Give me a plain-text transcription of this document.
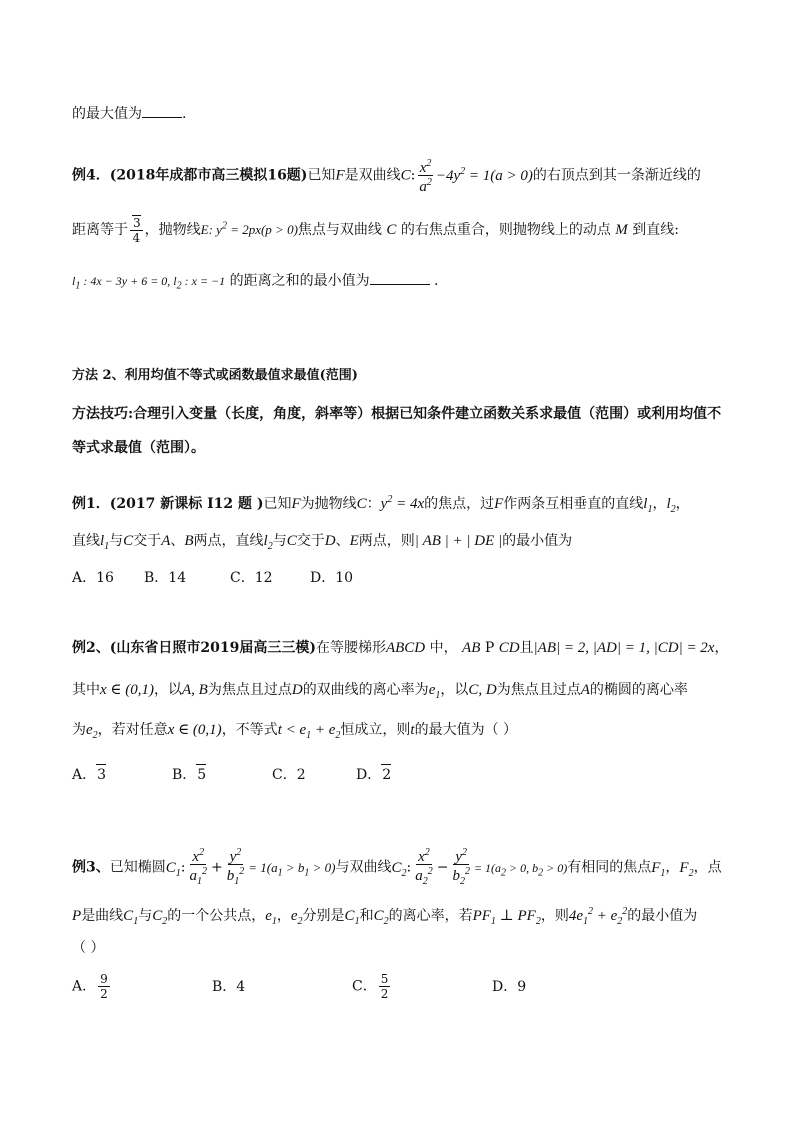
的最大值为	.
例4．(2018年成都市高三模拟16题)已知F是双曲线C: $\frac{x^2}{a^2} -4y^2 = 1(a > 0)$的右顶点到其一条渐近线的
距离等于 $\frac{3}{4}$ ，抛物线E: $y^2 = 2px(p > 0)$焦点与双曲线 C 的右焦点重合，则抛物线上的动点 M 到直线:
$l_1$ : 4x − 3y + 6 = 0, $l_2$ : x = −1 的距离之和的最小值为	.
方法 2、利用均值不等式或函数最值求最值(范围)
方法技巧:合理引入变量（长度，角度，斜率等）根据已知条件建立函数关系求最值（范围）或利用均值不
等式求最值（范围）。
例1．(2017 新课标 Ⅰ12 题 )已知F为抛物线C：$y^2 = 4x$的焦点，过F作两条互相垂直的直线$l_1$，$l_2$，
直线$l_1$与C交于A、B两点，直线$l_2$与C交于D、E两点，则| AB | + | DE |的最小值为
A．16 B．14	C．12	D．10
例2、(山东省日照市2019届高三三模)在等腰梯形ABCD 中， AB P CD且|AB| = 2, |AD| = 1, |CD| = 2x，
其中x ∈ (0,1)，以A, B为焦点且过点D的双曲线的离心率为$e_1$，以C, D为焦点且过点A的椭圆的离心率
为$e_2$，若对任意x ∈ (0,1)，不等式$t < e_1 + e_2$恒成立，则t的最大值为（ ）
A．3	B．5	C．2	D．2
例3、已知椭圆$C_1$: $\frac{x^2}{a_1^2} + \frac{y^2}{b_1^2} = 1(a_1 > b_1 > 0)$与双曲线$C_2$: $\frac{x^2}{a_2^2} - \frac{y^2}{b_2^2} = 1(a_2 > 0$, $b_2 > 0$)有相同的焦点$F_1$，$F_2$，点
P是曲线$C_1$与$C_2$的一个公共点，$e_1$，$e_2$分别是$C_1$和$C_2$的离心率，若$PF_1$ ⊥ $PF_2$，则$4e_1^2 + e_2^2$的最小值为
（ ）
A． $\frac{9}{2}$	B．4	C． $\frac{5}{2}$	D．9
